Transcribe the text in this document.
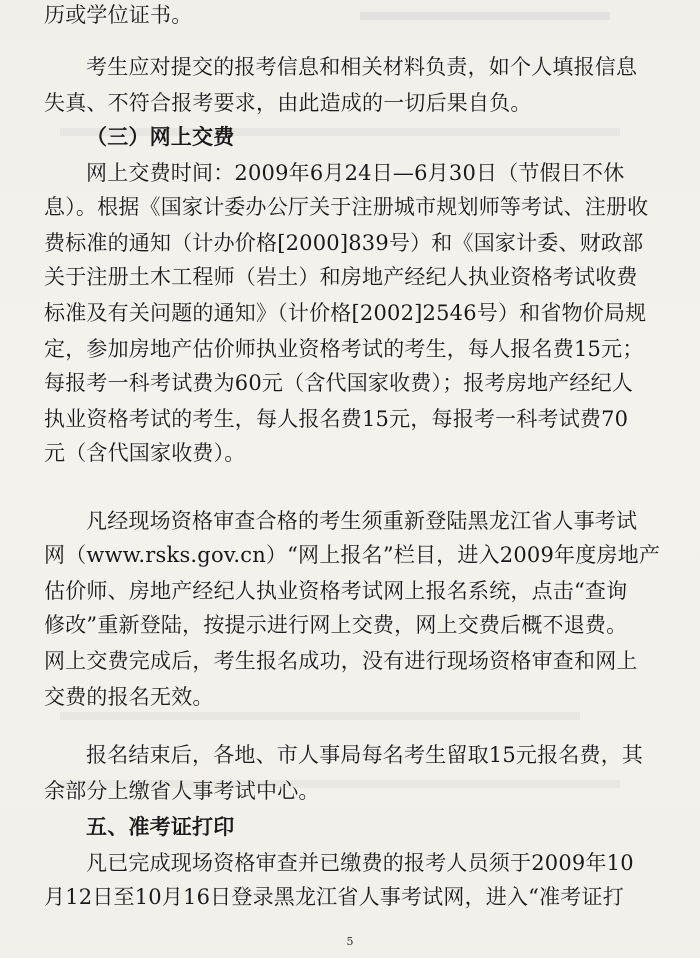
历或学位证书。
考生应对提交的报考信息和相关材料负责，如个人填报信息
失真、不符合报考要求，由此造成的一切后果自负。
（三）网上交费
网上交费时间：2009年6月24日—6月30日（节假日不休
息）。根据《国家计委办公厅关于注册城市规划师等考试、注册收
费标准的通知（计办价格[2000]839号）和《国家计委、财政部
关于注册土木工程师（岩土）和房地产经纪人执业资格考试收费
标准及有关问题的通知》（计价格[2002]2546号）和省物价局规
定，参加房地产估价师执业资格考试的考生，每人报名费15元；
每报考一科考试费为60元（含代国家收费）；报考房地产经纪人
执业资格考试的考生，每人报名费15元，每报考一科考试费70
元（含代国家收费）。
凡经现场资格审查合格的考生须重新登陆黑龙江省人事考试
网（www.rsks.gov.cn）“网上报名”栏目，进入2009年度房地产
估价师、房地产经纪人执业资格考试网上报名系统，点击“查询
修改”重新登陆，按提示进行网上交费，网上交费后概不退费。
网上交费完成后，考生报名成功，没有进行现场资格审查和网上
交费的报名无效。
报名结束后，各地、市人事局每名考生留取15元报名费，其
余部分上缴省人事考试中心。
五、准考证打印
凡已完成现场资格审查并已缴费的报考人员须于2009年10
月12日至10月16日登录黑龙江省人事考试网，进入“准考证打
5
